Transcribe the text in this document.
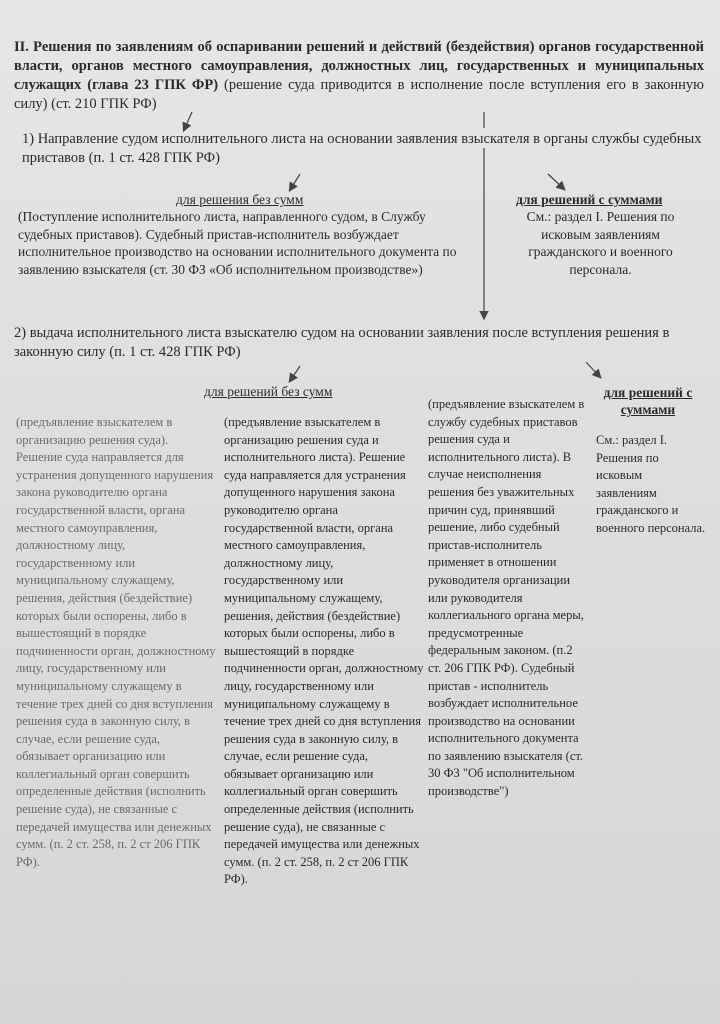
II. Решения по заявлениям об оспаривании решений и действий (бездействия) органов государственной власти, органов местного самоуправления, должностных лиц, государственных и муниципальных служащих (глава 23 ГПК ФР) (решение суда приводится в исполнение после вступления его в законную силу) (ст. 210 ГПК РФ)
1) Направление судом исполнительного листа на основании заявления взыскателя в органы службы судебных приставов (п. 1 ст. 428 ГПК РФ)
для решения без сумм	для решений с суммами
(Поступление исполнительного листа, направленного судом, в Службу судебных приставов). Судебный пристав-исполнитель возбуждает исполнительное производство на основании исполнительного документа по заявлению взыскателя (ст. 30 ФЗ «Об исполнительном производстве»)
См.: раздел I. Решения по исковым заявлениям гражданского и военного персонала.
2) выдача исполнительного листа взыскателю судом на основании заявления после вступления решения в законную силу (п. 1 ст. 428 ГПК РФ)
для решений без сумм	для решений с суммами
(предъявление взыскателем в организацию решения суда). Решение суда направляется для устранения допущенного нарушения закона руководителю органа государственной власти, органа местного самоуправления, должностному лицу, государственному или муниципальному служащему, решения, действия (бездействие) которых были оспорены, либо в вышестоящий в порядке подчиненности орган, должностному лицу, государственному или муниципальному служащему в течение трех дней со дня вступления решения суда в законную силу, в случае, если решение суда, обязывает организацию или коллегиальный орган совершить определенные действия (исполнить решение суда), не связанные с передачей имущества или денежных сумм. (п. 2 ст. 258, п. 2 ст 206 ГПК РФ).
(предъявление взыскателем в организацию решения суда и исполнительного листа). Решение суда направляется для устранения допущенного нарушения закона руководителю органа государственной власти, органа местного самоуправления, должностному лицу, государственному или муниципальному служащему, решения, действия (бездействие) которых были оспорены, либо в вышестоящий в порядке подчиненности орган, должностному лицу, государственному или муниципальному служащему в течение трех дней со дня вступления решения суда в законную силу, в случае, если решение суда, обязывает организацию или коллегиальный орган совершить определенные действия (исполнить решение суда), не связанные с передачей имущества или денежных сумм. (п. 2 ст. 258, п. 2 ст 206 ГПК РФ).
(предъявление взыскателем в службу судебных приставов решения суда и исполнительного листа). В случае неисполнения решения без уважительных причин суд, принявший решение, либо судебный пристав-исполнитель применяет в отношении руководителя организации или руководителя коллегиального органа меры, предусмотренные федеральным законом. (п.2 ст. 206 ГПК РФ). Судебный пристав - исполнитель возбуждает исполнительное производство на основании исполнительного документа по заявлению взыскателя (ст. 30 ФЗ "Об исполнительном производстве")
См.: раздел I. Решения по исковым заявлениям гражданского и военного персонала.
